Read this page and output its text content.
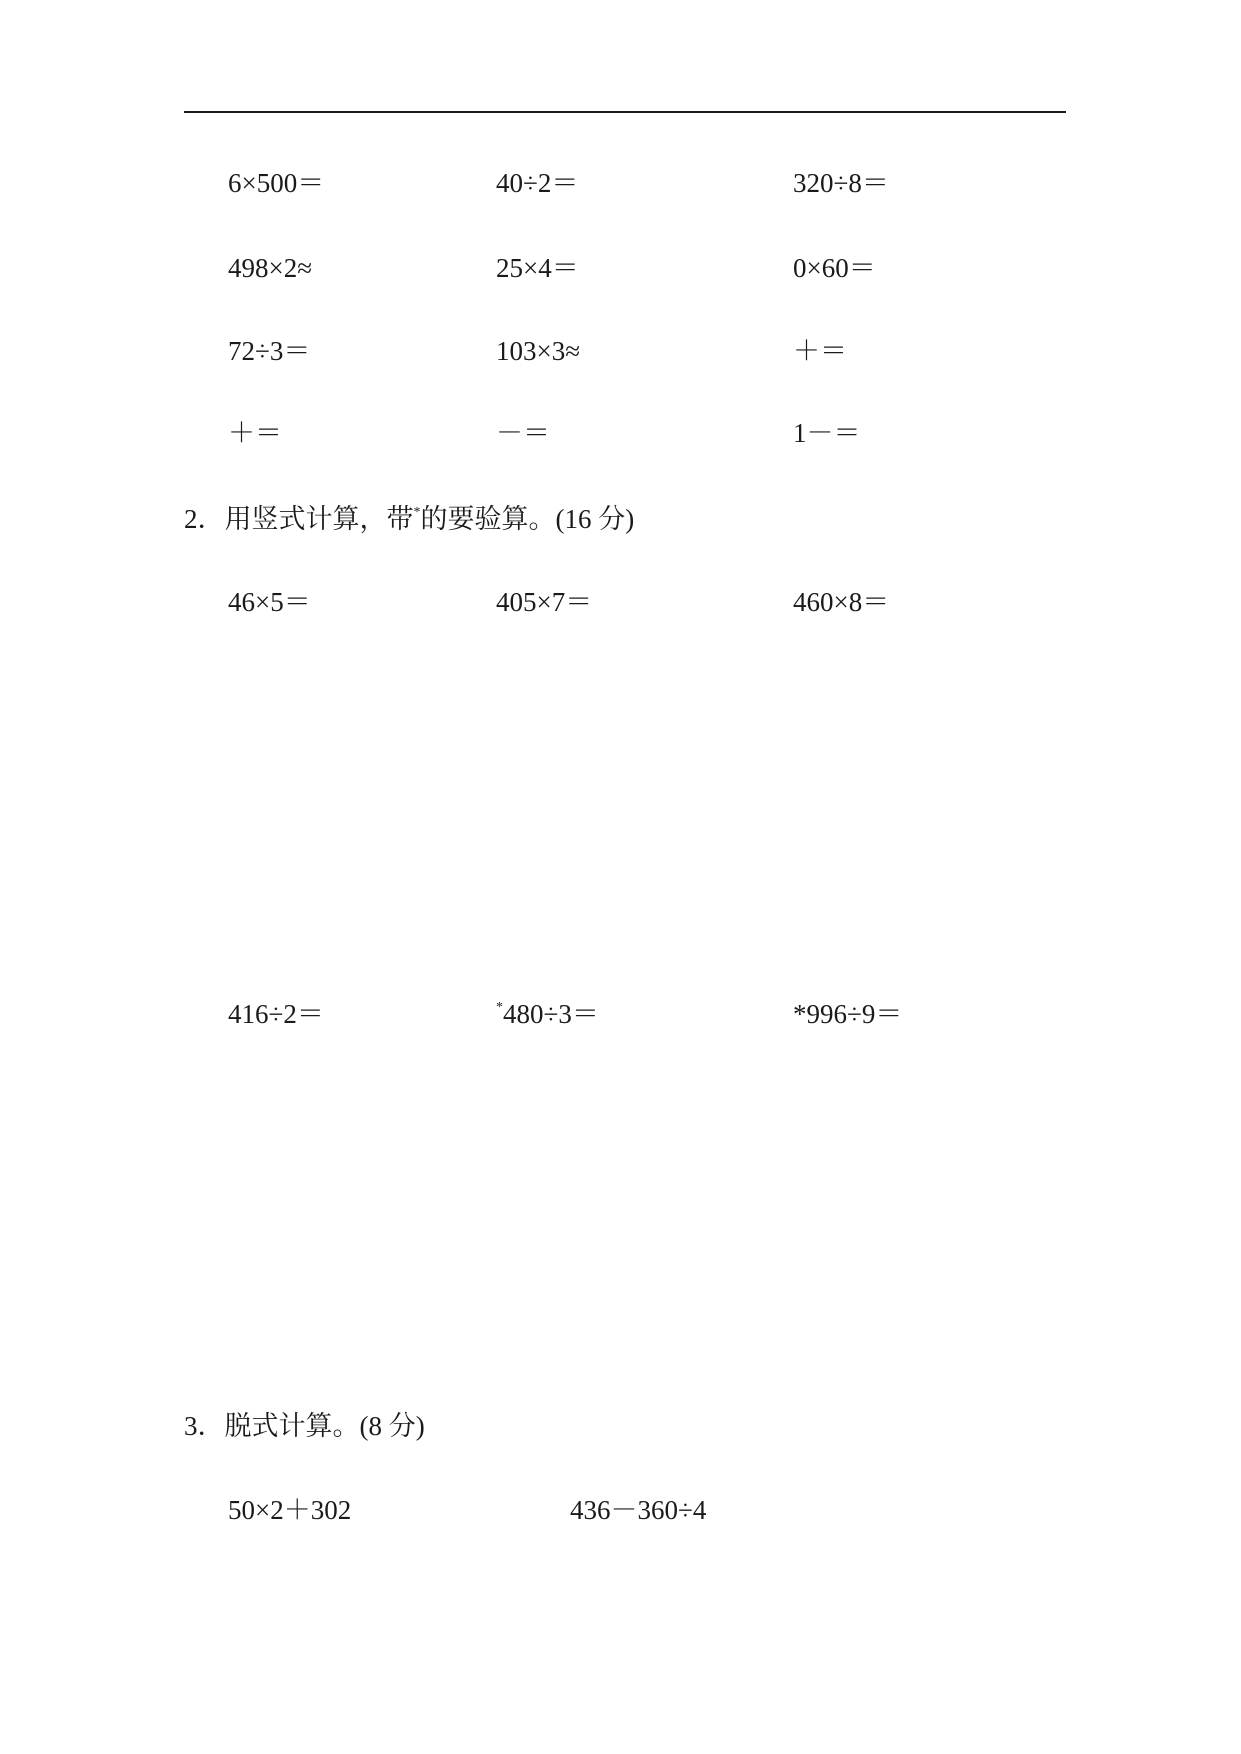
6×500＝	40÷2＝	320÷8＝
498×2≈	25×4＝	0×60＝
72÷3＝	103×3≈	＋＝
＋＝	－＝	1－＝
2．用竖式计算，带*的要验算。(16 分)
46×5＝	405×7＝	460×8＝
416÷2＝	*480÷3＝	*996÷9＝
3．脱式计算。(8 分)
50×2＋302	436－360÷4
